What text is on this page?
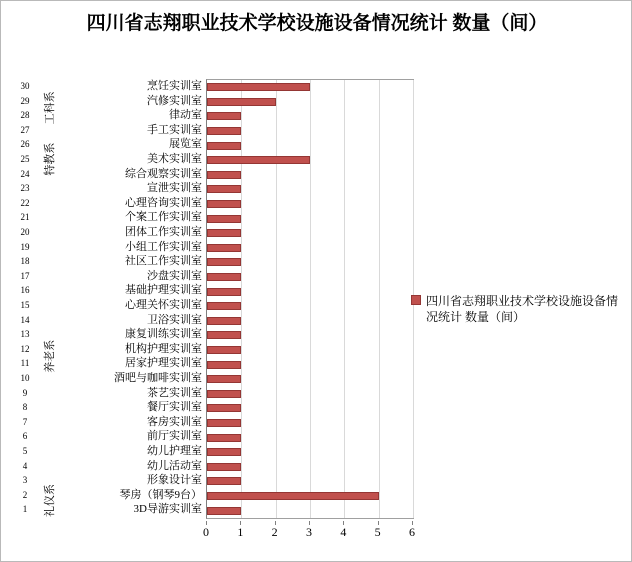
四川省志翔职业技术学校设施设备情况统计 数量（间）
3D导游实训室
琴房（钢琴9台）
形象设计室
幼儿活动室
幼儿护理室
前厅实训室
客房实训室
餐厅实训室
茶艺实训室
酒吧与咖啡实训室
居家护理实训室
机构护理实训室
康复训练实训室
卫浴实训室
心理关怀实训室
基础护理实训室
沙盘实训室
社区工作实训室
小组工作实训室
团体工作实训室
个案工作实训室
心理咨询实训室
宣泄实训室
综合观察实训室
美术实训室
展览室
手工实训室
律动室
汽修实训室
烹饪实训室
1
2
3
4
5
6
7
8
9
10
11
12
13
14
15
16
17
18
19
20
21
22
23
24
25
26
27
28
29
30
礼仪系
养老系
工科系
特教系
0	1	2	3	4	5	6
四川省志翔职业技术学校设施设备情况统计 数量（间）
